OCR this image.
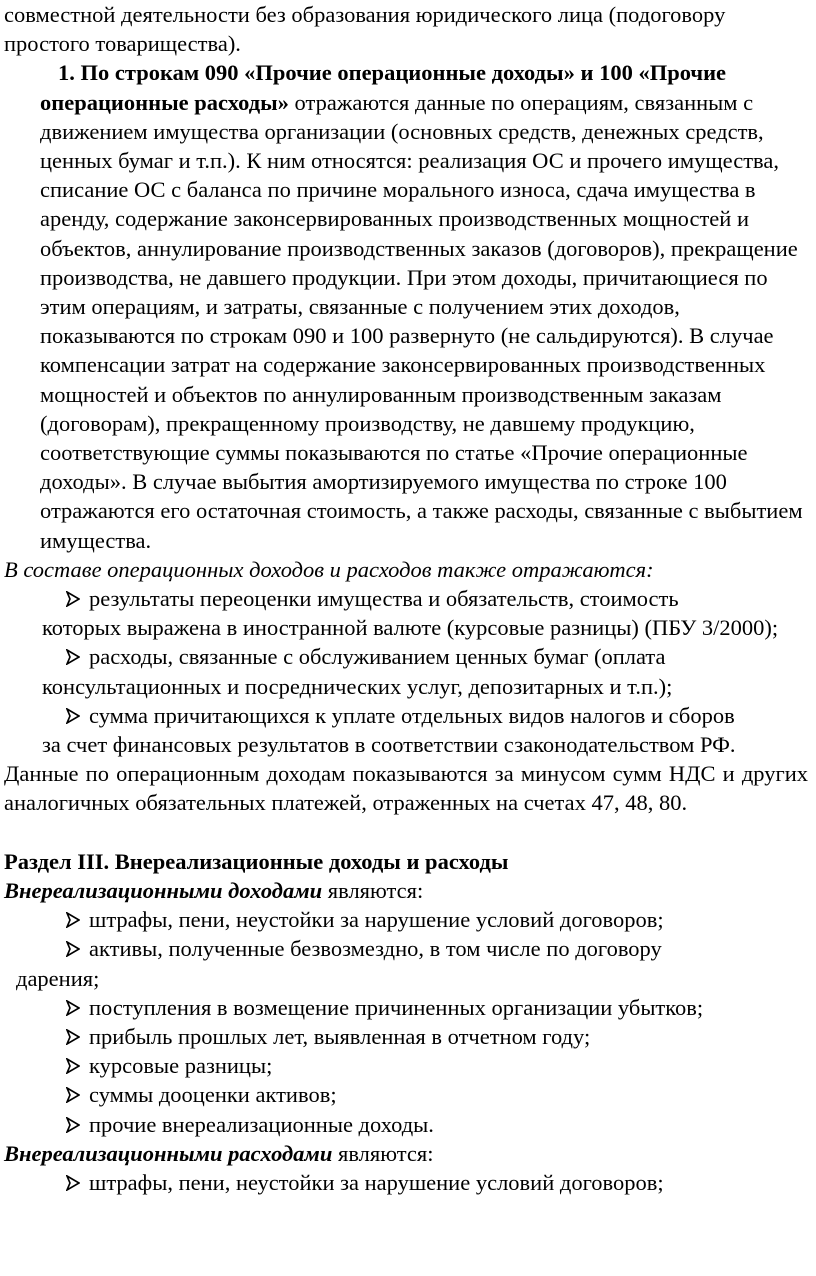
совместной деятельности без образования юридического лица (подоговору простого товарищества).

1. По строкам 090 «Прочие операционные доходы» и 100 «Прочие операционные расходы» отражаются данные по операциям, связанным с движением имущества организации (основных средств, денежных средств, ценных бумаг и т.п.). К ним относятся: реализация ОС и прочего имущества, списание ОС с баланса по причине морального износа, сдача имущества в аренду, содержание законсервированных производственных мощностей и объектов, аннулирование производственных заказов (договоров), прекращение производства, не давшего продукции. При этом доходы, причитающиеся по этим операциям, и затраты, связанные с получением этих доходов, показываются по строкам 090 и 100 развернуто (не сальдируются). В случае компенсации затрат на содержание законсервированных производственных мощностей и объектов по аннулированным производственным заказам (договорам), прекращенному производству, не давшему продукцию, соответствующие суммы показываются по статье «Прочие операционные доходы». В случае выбытия амортизируемого имущества по строке 100 отражаются его остаточная стоимость, а также расходы, связанные с выбытием имущества.

В составе операционных доходов и расходов также отражаются:

результаты переоценки имущества и обязательств, стоимость
которых выражена в иностранной валюте (курсовые разницы) (ПБУ 3/2000);

расходы, связанные с обслуживанием ценных бумаг (оплата
консультационных и посреднических услуг, депозитарных и т.п.);

сумма причитающихся к уплате отдельных видов налогов и сборов
за счет финансовых результатов в соответствии сзаконодательством РФ.

Данные по операционным доходам показываются за минусом сумм НДС и других аналогичных обязательных платежей, отраженных на счетах 47, 48, 80.

Раздел III. Внереализационные доходы и расходы

Внереализационными доходами являются:

штрафы, пени, неустойки за нарушение условий договоров;

активы, полученные безвозмездно, в том числе по договору
дарения;

поступления в возмещение причиненных организации убытков;

прибыль прошлых лет, выявленная в отчетном году;

курсовые разницы;

суммы дооценки активов;

прочие внереализационные доходы.

Внереализационными расходами являются:

штрафы, пени, неустойки за нарушение условий договоров;
